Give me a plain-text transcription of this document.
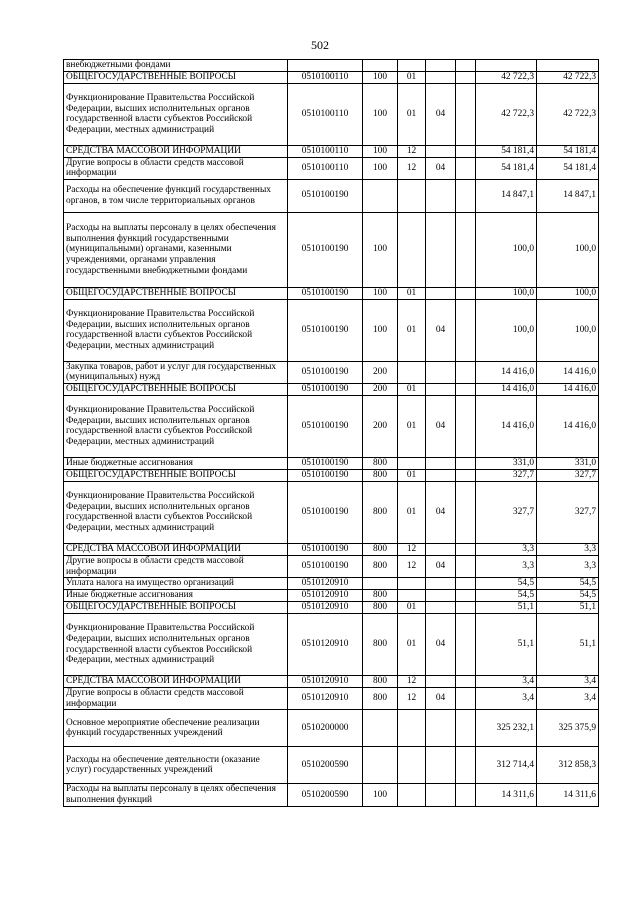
502
внебюджетными фондами							
ОБЩЕГОСУДАРСТВЕННЫЕ ВОПРОСЫ	0510100110	100	01			42 722,3	42 722,3
Функционирование Правительства Российской Федерации, высших исполнительных органов государственной власти субъектов Российской Федерации, местных администраций	0510100110	100	01	04		42 722,3	42 722,3
СРЕДСТВА МАССОВОЙ ИНФОРМАЦИИ	0510100110	100	12			54 181,4	54 181,4
Другие вопросы в области средств массовой информации	0510100110	100	12	04		54 181,4	54 181,4
Расходы на обеспечение функций государственных органов, в том числе территориальных органов	0510100190					14 847,1	14 847,1
Расходы на выплаты персоналу в целях обеспечения выполнения функций государственными (муниципальными) органами, казенными учреждениями, органами управления государственными внебюджетными фондами	0510100190	100				100,0	100,0
ОБЩЕГОСУДАРСТВЕННЫЕ ВОПРОСЫ	0510100190	100	01			100,0	100,0
Функционирование Правительства Российской Федерации, высших исполнительных органов государственной власти субъектов Российской Федерации, местных администраций	0510100190	100	01	04		100,0	100,0
Закупка товаров, работ и услуг для государственных (муниципальных) нужд	0510100190	200				14 416,0	14 416,0
ОБЩЕГОСУДАРСТВЕННЫЕ ВОПРОСЫ	0510100190	200	01			14 416,0	14 416,0
Функционирование Правительства Российской Федерации, высших исполнительных органов государственной власти субъектов Российской Федерации, местных администраций	0510100190	200	01	04		14 416,0	14 416,0
Иные бюджетные ассигнования	0510100190	800				331,0	331,0
ОБЩЕГОСУДАРСТВЕННЫЕ ВОПРОСЫ	0510100190	800	01			327,7	327,7
Функционирование Правительства Российской Федерации, высших исполнительных органов государственной власти субъектов Российской Федерации, местных администраций	0510100190	800	01	04		327,7	327,7
СРЕДСТВА МАССОВОЙ ИНФОРМАЦИИ	0510100190	800	12			3,3	3,3
Другие вопросы в области средств массовой информации	0510100190	800	12	04		3,3	3,3
Уплата налога на имущество организаций	0510120910					54,5	54,5
Иные бюджетные ассигнования	0510120910	800				54,5	54,5
ОБЩЕГОСУДАРСТВЕННЫЕ ВОПРОСЫ	0510120910	800	01			51,1	51,1
Функционирование Правительства Российской Федерации, высших исполнительных органов государственной власти субъектов Российской Федерации, местных администраций	0510120910	800	01	04		51,1	51,1
СРЕДСТВА МАССОВОЙ ИНФОРМАЦИИ	0510120910	800	12			3,4	3,4
Другие вопросы в области средств массовой информации	0510120910	800	12	04		3,4	3,4
Основное мероприятие обеспечение реализации функций государственных учреждений	0510200000					325 232,1	325 375,9
Расходы на обеспечение деятельности (оказание услуг) государственных учреждений	0510200590					312 714,4	312 858,3
Расходы на выплаты персоналу в целях обеспечения выполнения функций	0510200590	100				14 311,6	14 311,6
